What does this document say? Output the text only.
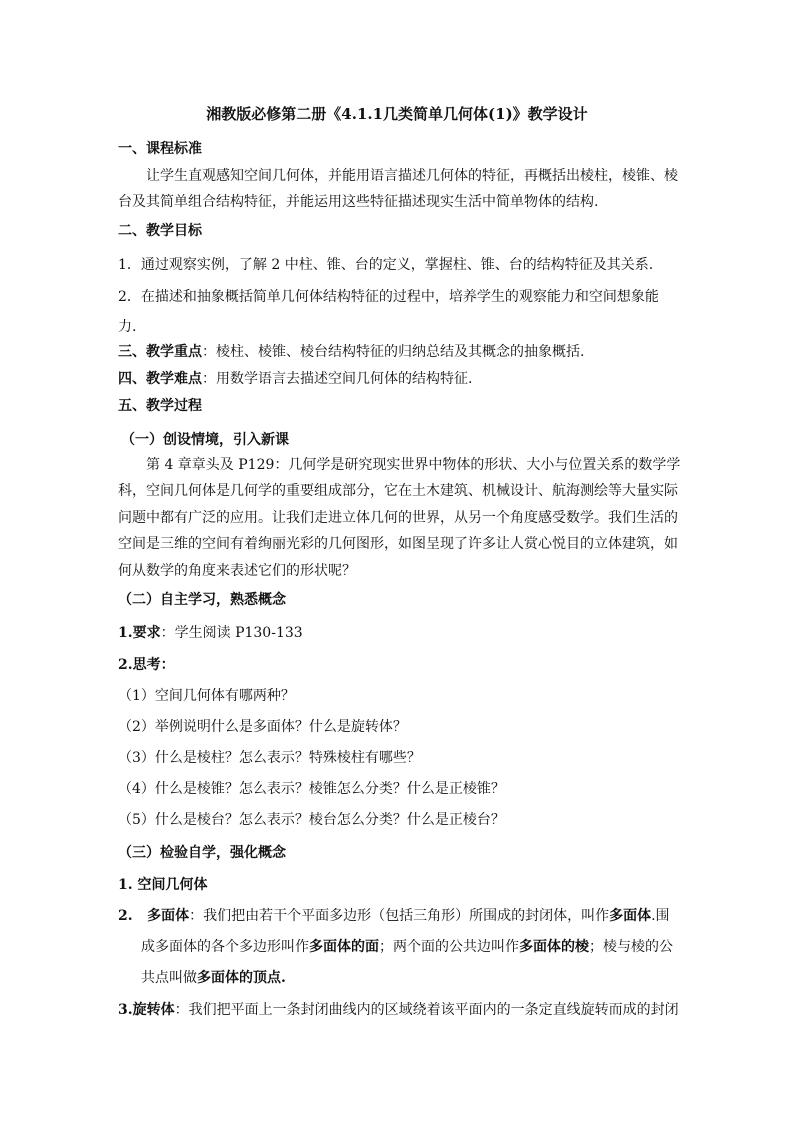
湘教版必修第二册《4.1.1几类简单几何体(1)》教学设计
一、课程标准
让学生直观感知空间几何体，并能用语言描述几何体的特征，再概括出棱柱，棱锥、棱
台及其简单组合结构特征，并能运用这些特征描述现实生活中简单物体的结构.
二、教学目标
1．通过观察实例，了解 2 中柱、锥、台的定义，掌握柱、锥、台的结构特征及其关系.
2．在描述和抽象概括简单几何体结构特征的过程中，培养学生的观察能力和空间想象能
力.
三、教学重点：棱柱、棱锥、棱台结构特征的归纳总结及其概念的抽象概括.
四、教学难点：用数学语言去描述空间几何体的结构特征.
五、教学过程
（一）创设情境，引入新课
第 4 章章头及 P129：几何学是研究现实世界中物体的形状、大小与位置关系的数学学
科，空间几何体是几何学的重要组成部分，它在土木建筑、机械设计、航海测绘等大量实际
问题中都有广泛的应用。让我们走进立体几何的世界，从另一个角度感受数学。我们生活的
空间是三维的空间有着绚丽光彩的几何图形，如图呈现了许多让人赏心悦目的立体建筑，如
何从数学的角度来表述它们的形状呢？
（二）自主学习，熟悉概念
1.要求：学生阅读 P130-133
2.思考：
（1）空间几何体有哪两种？
（2）举例说明什么是多面体？什么是旋转体？
（3）什么是棱柱？怎么表示？特殊棱柱有哪些？
（4）什么是棱锥？怎么表示？棱锥怎么分类？什么是正棱锥？
（5）什么是棱台？怎么表示？棱台怎么分类？什么是正棱台？
（三）检验自学，强化概念
1. 空间几何体
2. 多面体：我们把由若干个平面多边形（包括三角形）所围成的封闭体，叫作多面体.围
成多面体的各个多边形叫作多面体的面；两个面的公共边叫作多面体的棱；棱与棱的公
共点叫做多面体的顶点.
3.旋转体：我们把平面上一条封闭曲线内的区域绕着该平面内的一条定直线旋转而成的封闭
